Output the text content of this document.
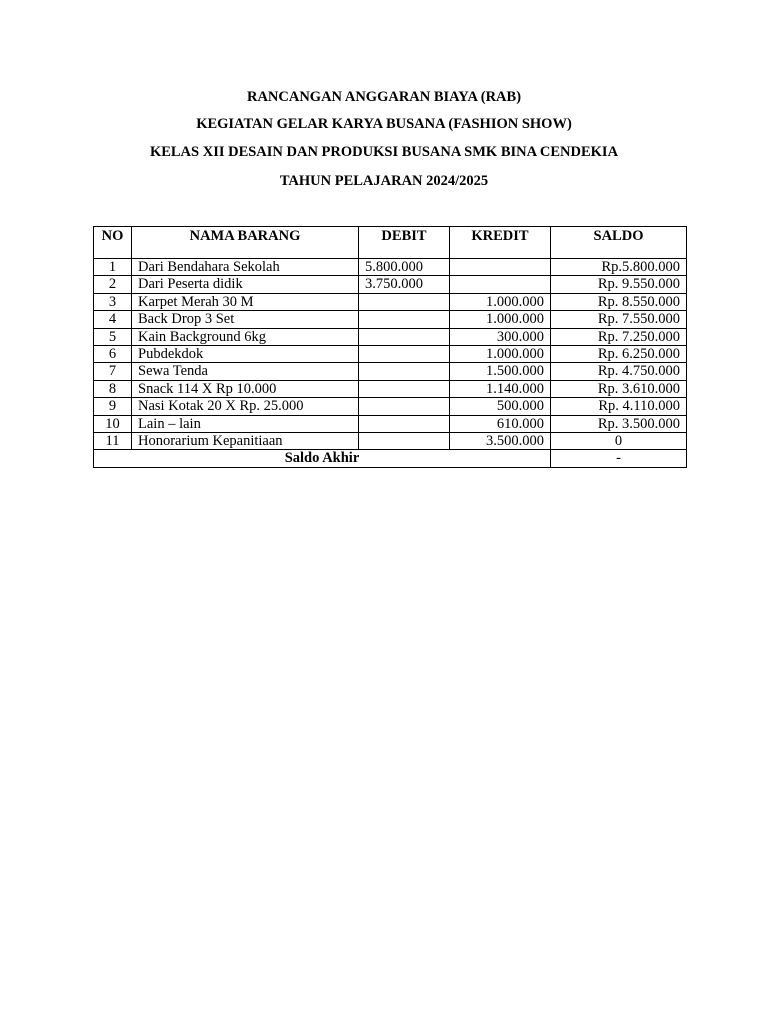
RANCANGAN ANGGARAN BIAYA (RAB)
KEGIATAN GELAR KARYA BUSANA (FASHION SHOW)
KELAS XII DESAIN DAN PRODUKSI BUSANA SMK BINA CENDEKIA
TAHUN PELAJARAN 2024/2025
NO	NAMA BARANG	DEBIT	KREDIT	SALDO
1	Dari Bendahara Sekolah	5.800.000		Rp.5.800.000
2	Dari Peserta didik	3.750.000		Rp. 9.550.000
3	Karpet Merah 30 M		1.000.000	Rp. 8.550.000
4	Back Drop 3 Set		1.000.000	Rp. 7.550.000
5	Kain Background 6kg		300.000	Rp. 7.250.000
6	Pubdekdok		1.000.000	Rp. 6.250.000
7	Sewa Tenda		1.500.000	Rp. 4.750.000
8	Snack 114 X Rp 10.000		1.140.000	Rp. 3.610.000
9	Nasi Kotak 20 X Rp. 25.000		500.000	Rp. 4.110.000
10	Lain – lain		610.000	Rp. 3.500.000
11	Honorarium Kepanitiaan		3.500.000	0
Saldo Akhir				-
